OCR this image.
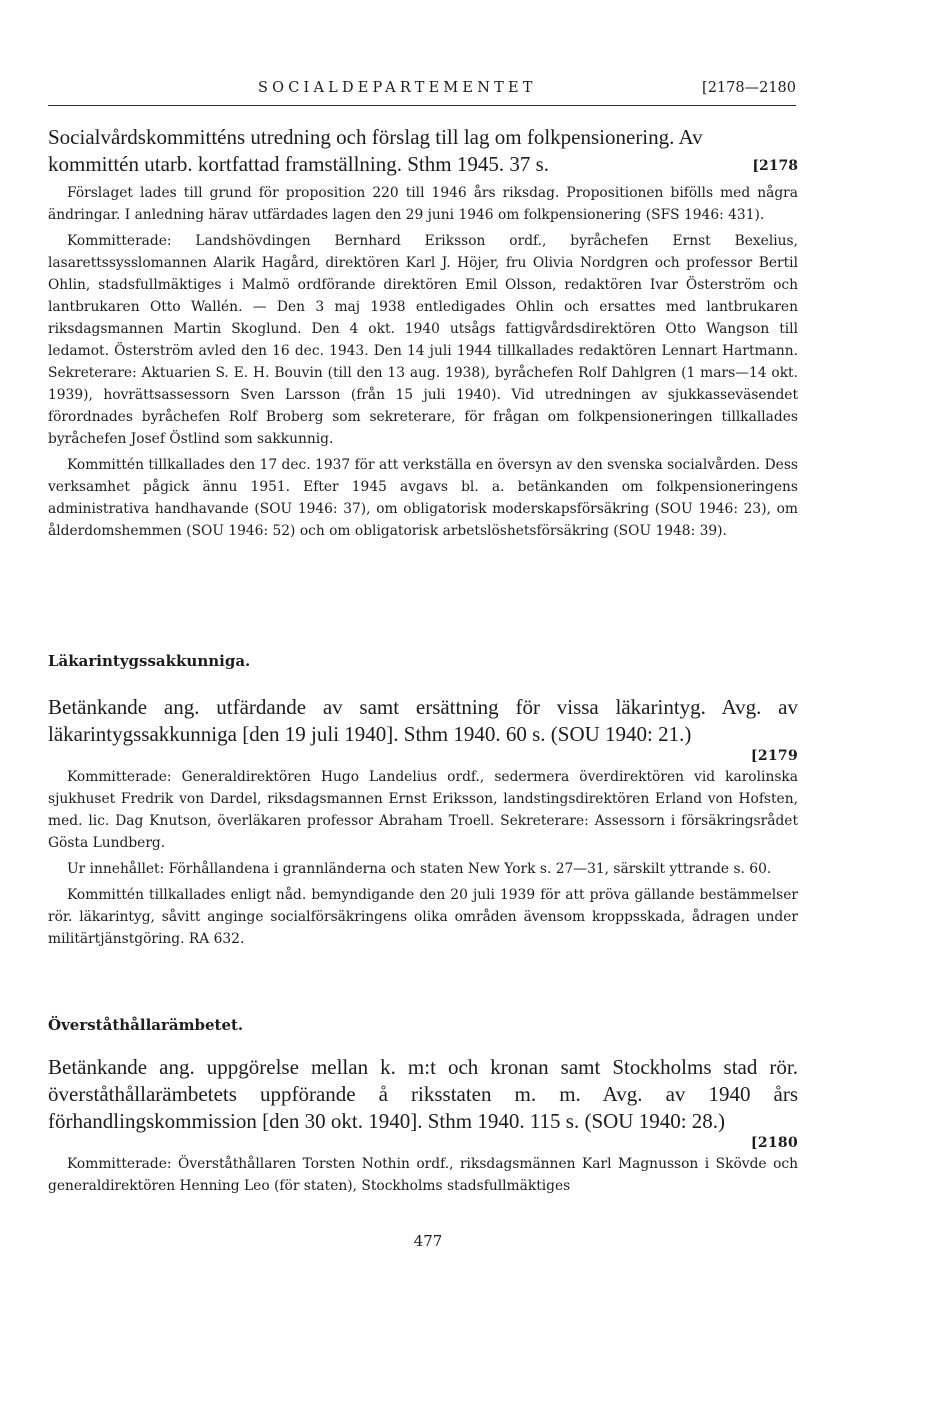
SOCIALDEPARTEMENTET	[2178—2180
Socialvårdskommitténs utredning och förslag till lag om folkpensionering. Av
kommittén utarb. kortfattad framställning. Sthm 1945. 37 s.	[2178

Förslaget lades till grund för proposition 220 till 1946 års riksdag. Propositionen bifölls med några ändringar. I anledning härav utfärdades lagen den 29 juni 1946 om folkpensionering (SFS 1946: 431).

Kommitterade: Landshövdingen Bernhard Eriksson ordf., byråchefen Ernst Bexelius, lasarettssysslomannen Alarik Hagård, direktören Karl J. Höjer, fru Olivia Nordgren och professor Bertil Ohlin, stadsfullmäktiges i Malmö ordförande direktören Emil Olsson, redaktören Ivar Österström och lantbrukaren Otto Wallén. — Den 3 maj 1938 entledigades Ohlin och ersattes med lantbrukaren riksdagsmannen Martin Skoglund. Den 4 okt. 1940 utsågs fattigvårdsdirektören Otto Wangson till ledamot. Österström avled den 16 dec. 1943. Den 14 juli 1944 tillkallades redaktören Lennart Hartmann. Sekreterare: Aktuarien S. E. H. Bouvin (till den 13 aug. 1938), byråchefen Rolf Dahlgren (1 mars—14 okt. 1939), hovrättsassessorn Sven Larsson (från 15 juli 1940). Vid utredningen av sjukkasseväsendet förordnades byråchefen Rolf Broberg som sekreterare, för frågan om folkpensioneringen tillkallades byråchefen Josef Östlind som sakkunnig.

Kommittén tillkallades den 17 dec. 1937 för att verkställa en översyn av den svenska socialvården. Dess verksamhet pågick ännu 1951. Efter 1945 avgavs bl. a. betänkanden om folkpensioneringens administrativa handhavande (SOU 1946: 37), om obligatorisk moderskapsförsäkring (SOU 1946: 23), om ålderdomshemmen (SOU 1946: 52) och om obligatorisk arbetslöshetsförsäkring (SOU 1948: 39).

Läkarintygssakkunniga.
Betänkande ang. utfärdande av samt ersättning för vissa läkarintyg. Avg. av läkarintygssakkunniga [den 19 juli 1940]. Sthm 1940. 60 s. (SOU 1940: 21.)
[2179

Kommitterade: Generaldirektören Hugo Landelius ordf., sedermera överdirektören vid karolinska sjukhuset Fredrik von Dardel, riksdagsmannen Ernst Eriksson, landstingsdirektören Erland von Hofsten, med. lic. Dag Knutson, överläkaren professor Abraham Troell. Sekreterare: Assessorn i försäkringsrådet Gösta Lundberg.

Ur innehållet: Förhållandena i grannländerna och staten New York s. 27—31, särskilt yttrande s. 60.

Kommittén tillkallades enligt nåd. bemyndigande den 20 juli 1939 för att pröva gällande bestämmelser rör. läkarintyg, såvitt anginge socialförsäkringens olika områden ävensom kroppsskada, ådragen under militärtjänstgöring. RA 632.

Överståthållarämbetet.
Betänkande ang. uppgörelse mellan k. m:t och kronan samt Stockholms stad rör. överståthållarämbetets uppförande å riksstaten m. m. Avg. av 1940 års förhandlingskommission [den 30 okt. 1940]. Sthm 1940. 115 s. (SOU 1940: 28.)
[2180

Kommitterade: Överståthållaren Torsten Nothin ordf., riksdagsmännen Karl Magnusson i Skövde och generaldirektören Henning Leo (för staten), Stockholms stadsfullmäktiges

477
